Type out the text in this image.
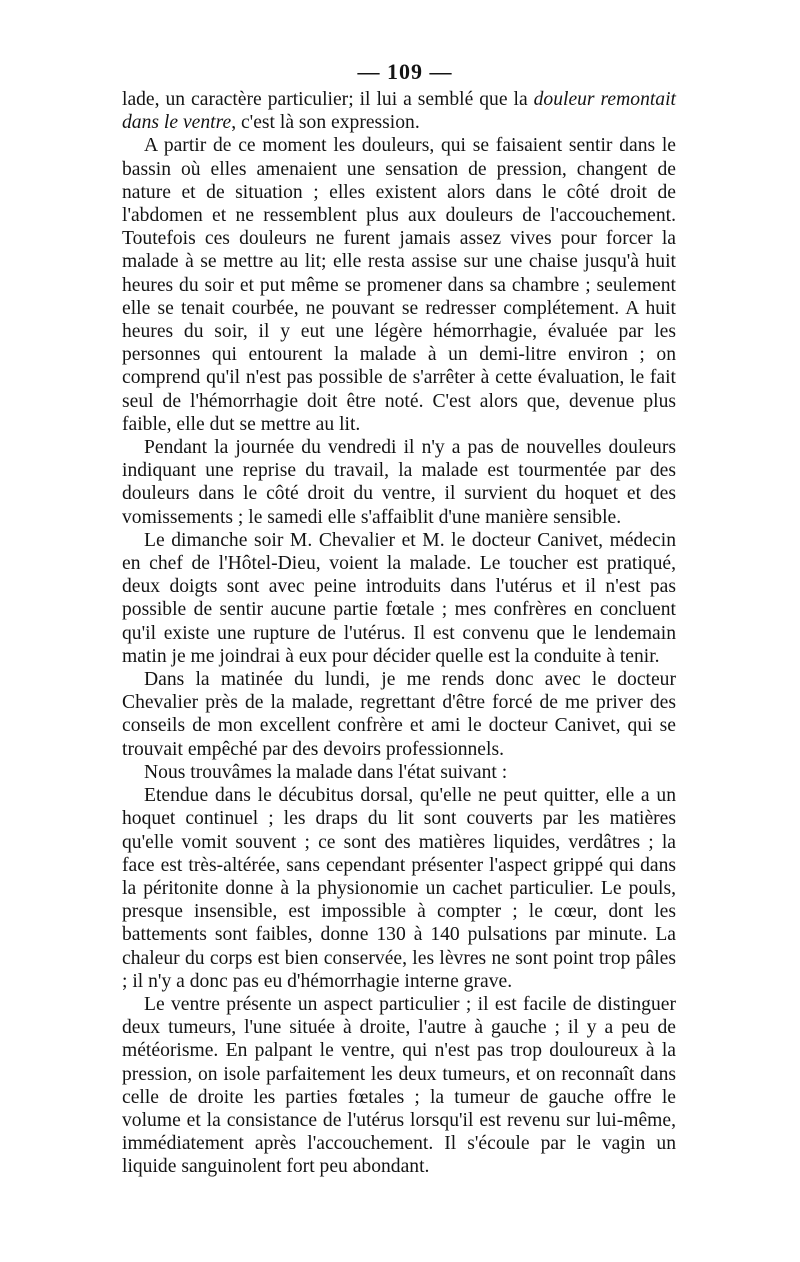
— 109 —

lade, un caractère particulier; il lui a semblé que la douleur remontait dans le ventre, c'est là son expression.

A partir de ce moment les douleurs, qui se faisaient sentir dans le bassin où elles amenaient une sensation de pression, changent de nature et de situation ; elles existent alors dans le côté droit de l'abdomen et ne ressemblent plus aux douleurs de l'accouchement. Toutefois ces douleurs ne furent jamais assez vives pour forcer la malade à se mettre au lit; elle resta assise sur une chaise jusqu'à huit heures du soir et put même se promener dans sa chambre ; seulement elle se tenait courbée, ne pouvant se redresser complétement. A huit heures du soir, il y eut une légère hémorrhagie, évaluée par les personnes qui entourent la malade à un demi-litre environ ; on comprend qu'il n'est pas possible de s'arrêter à cette évaluation, le fait seul de l'hémorrhagie doit être noté. C'est alors que, devenue plus faible, elle dut se mettre au lit.

Pendant la journée du vendredi il n'y a pas de nouvelles douleurs indiquant une reprise du travail, la malade est tourmentée par des douleurs dans le côté droit du ventre, il survient du hoquet et des vomissements ; le samedi elle s'affaiblit d'une manière sensible.

Le dimanche soir M. Chevalier et M. le docteur Canivet, médecin en chef de l'Hôtel-Dieu, voient la malade. Le toucher est pratiqué, deux doigts sont avec peine introduits dans l'utérus et il n'est pas possible de sentir aucune partie fœtale ; mes confrères en concluent qu'il existe une rupture de l'utérus. Il est convenu que le lendemain matin je me joindrai à eux pour décider quelle est la conduite à tenir.

Dans la matinée du lundi, je me rends donc avec le docteur Chevalier près de la malade, regrettant d'être forcé de me priver des conseils de mon excellent confrère et ami le docteur Canivet, qui se trouvait empêché par des devoirs professionnels.

Nous trouvâmes la malade dans l'état suivant :

Etendue dans le décubitus dorsal, qu'elle ne peut quitter, elle a un hoquet continuel ; les draps du lit sont couverts par les matières qu'elle vomit souvent ; ce sont des matières liquides, verdâtres ; la face est très-altérée, sans cependant présenter l'aspect grippé qui dans la péritonite donne à la physionomie un cachet particulier. Le pouls, presque insensible, est impossible à compter ; le cœur, dont les battements sont faibles, donne 130 à 140 pulsations par minute. La chaleur du corps est bien conservée, les lèvres ne sont point trop pâles ; il n'y a donc pas eu d'hémorrhagie interne grave.

Le ventre présente un aspect particulier ; il est facile de distinguer deux tumeurs, l'une située à droite, l'autre à gauche ; il y a peu de météorisme. En palpant le ventre, qui n'est pas trop douloureux à la pression, on isole parfaitement les deux tumeurs, et on reconnaît dans celle de droite les parties fœtales ; la tumeur de gauche offre le volume et la consistance de l'utérus lorsqu'il est revenu sur lui-même, immédiatement après l'accouchement. Il s'écoule par le vagin un liquide sanguinolent fort peu abondant.
